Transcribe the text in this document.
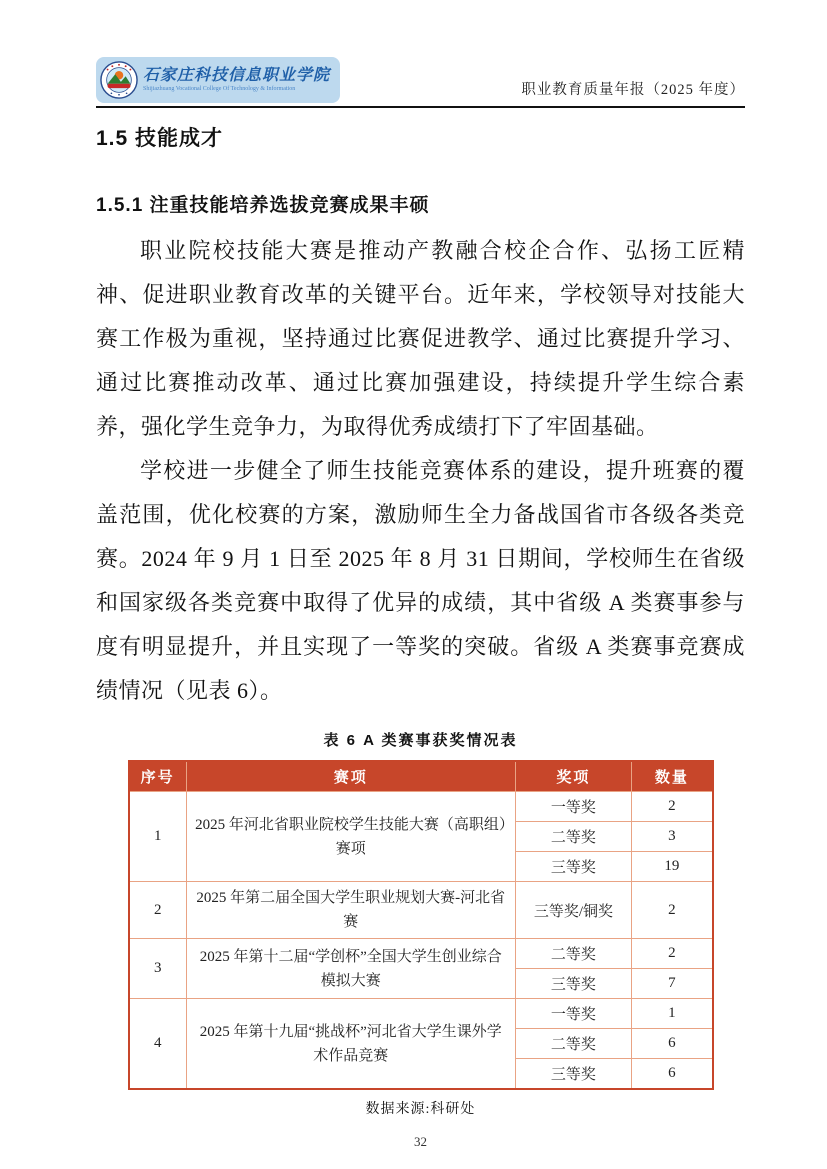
石家庄科技信息职业学院
Shijiazhuang Vocational College Of Technology & Information	职业教育质量年报（2025 年度）
1.5 技能成才
1.5.1 注重技能培养选拔竞赛成果丰硕

职业院校技能大赛是推动产教融合校企合作、弘扬工匠精神、促进职业教育改革的关键平台。近年来，学校领导对技能大赛工作极为重视，坚持通过比赛促进教学、通过比赛提升学习、通过比赛推动改革、通过比赛加强建设，持续提升学生综合素养，强化学生竞争力，为取得优秀成绩打下了牢固基础。

学校进一步健全了师生技能竞赛体系的建设，提升班赛的覆盖范围，优化校赛的方案，激励师生全力备战国省市各级各类竞赛。2024 年 9 月 1 日至 2025 年 8 月 31 日期间，学校师生在省级和国家级各类竞赛中取得了优异的成绩，其中省级 A 类赛事参与度有明显提升，并且实现了一等奖的突破。省级 A 类赛事竞赛成绩情况（见表 6）。

表 6 A 类赛事获奖情况表
序号	赛项	奖项	数量
1	2025 年河北省职业院校学生技能大赛（高职组）赛项	一等奖	2
		二等奖	3
		三等奖	19
2	2025 年第二届全国大学生职业规划大赛-河北省赛	三等奖/铜奖	2
3	2025 年第十二届“学创杯”全国大学生创业综合模拟大赛	二等奖	2
		三等奖	7
4	2025 年第十九届“挑战杯”河北省大学生课外学术作品竞赛	一等奖	1
		二等奖	6
		三等奖	6
数据来源:科研处
32
